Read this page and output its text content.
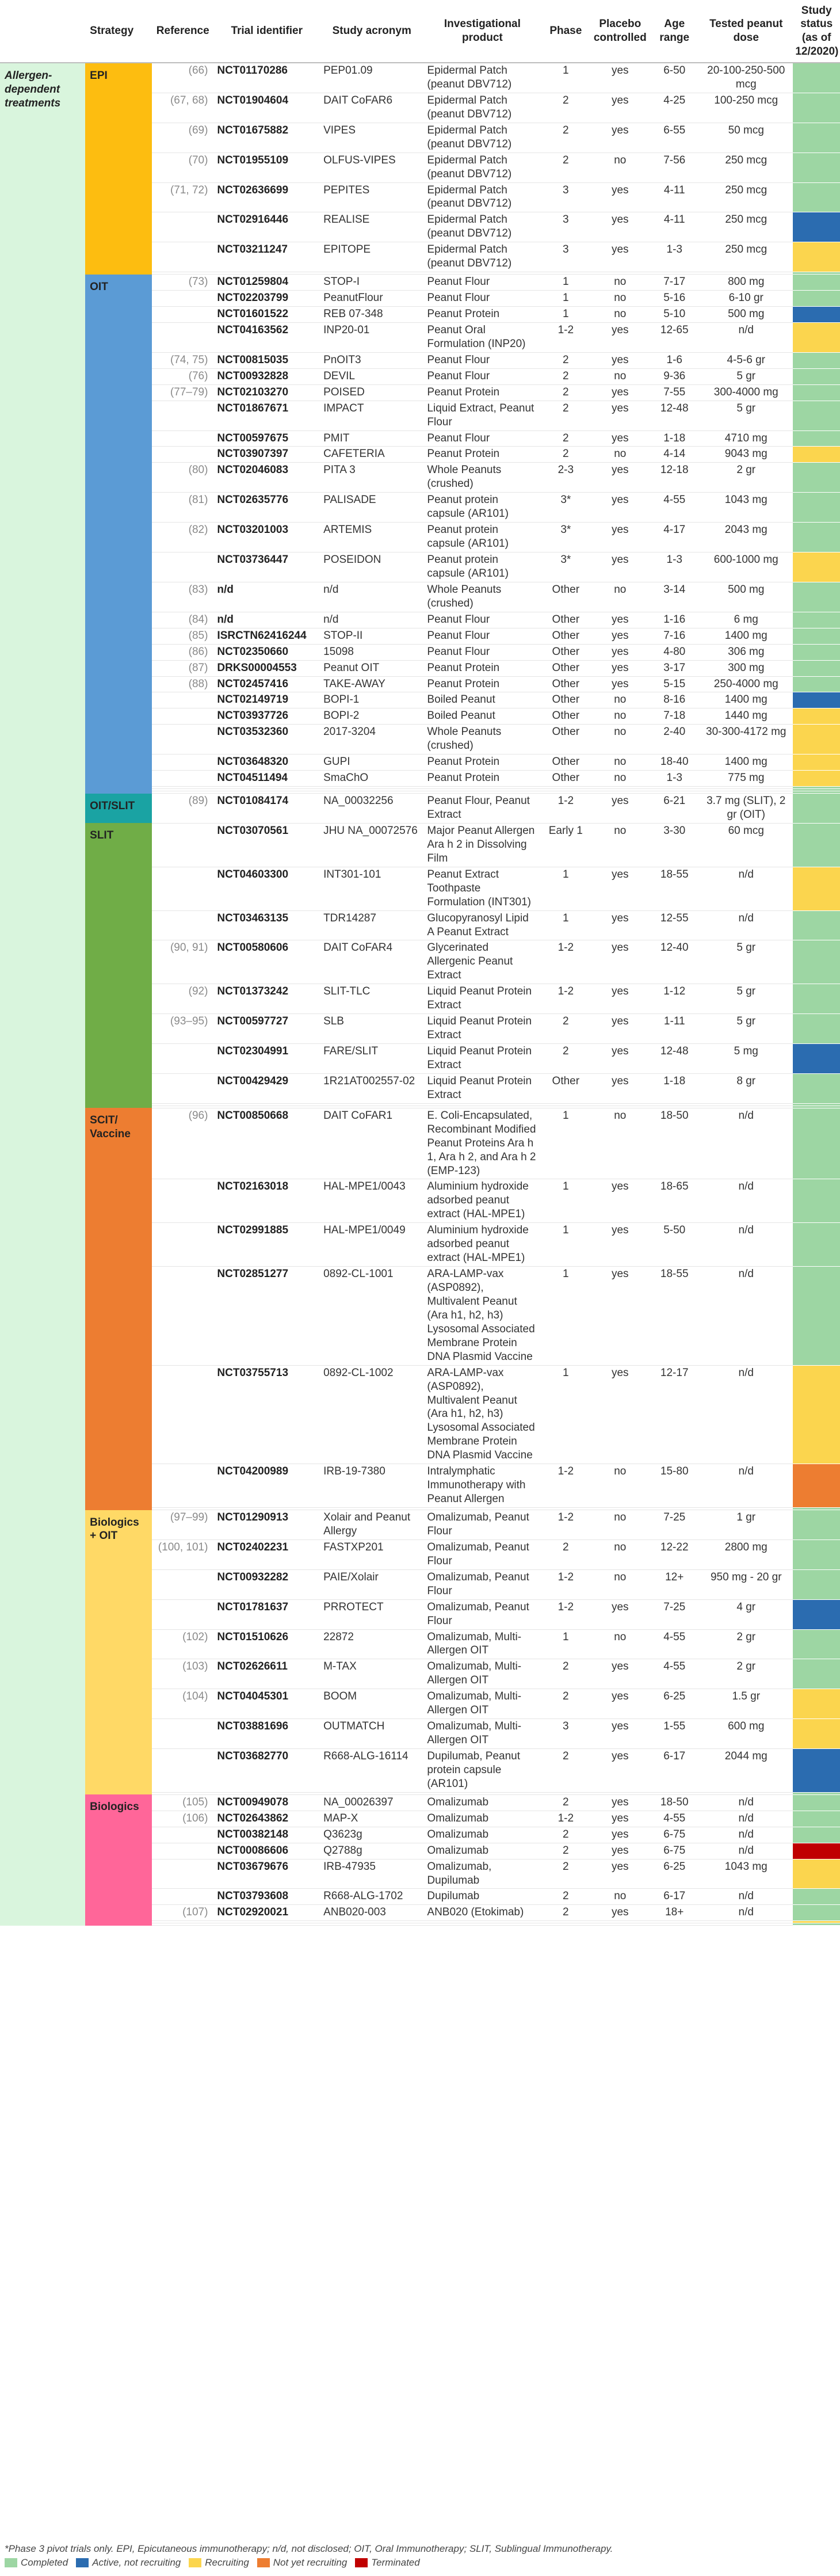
	Strategy	Reference	Trial identifier	Study acronym	Investigational product	Phase	Placebo controlled	Age range	Tested peanut dose	Study status (as of 12/2020)
Allergen-dependent treatments	EPI	(66)	NCT01170286	PEP01.09	Epidermal Patch (peanut DBV712)	1	yes	6-50	20-100-250-500 mcg	
		(67, 68)	NCT01904604	DAIT CoFAR6	Epidermal Patch (peanut DBV712)	2	yes	4-25	100-250 mcg	
		(69)	NCT01675882	VIPES	Epidermal Patch (peanut DBV712)	2	yes	6-55	50 mcg	
		(70)	NCT01955109	OLFUS-VIPES	Epidermal Patch (peanut DBV712)	2	no	7-56	250 mcg	
		(71, 72)	NCT02636699	PEPITES	Epidermal Patch (peanut DBV712)	3	yes	4-11	250 mcg	
			NCT02916446	REALISE	Epidermal Patch (peanut DBV712)	3	yes	4-11	250 mcg	
			NCT03211247	EPITOPE	Epidermal Patch (peanut DBV712)	3	yes	1-3	250 mcg	

	OIT	(73)	NCT01259804	STOP-I	Peanut Flour	1	no	7-17	800 mg	
			NCT02203799	PeanutFlour	Peanut Flour	1	no	5-16	6-10 gr	
			NCT01601522	REB 07-348	Peanut Protein	1	no	5-10	500 mg	
			NCT04163562	INP20-01	Peanut Oral Formulation (INP20)	1-2	yes	12-65	n/d	
		(74, 75)	NCT00815035	PnOIT3	Peanut Flour	2	yes	1-6	4-5-6 gr	
		(76)	NCT00932828	DEVIL	Peanut Flour	2	no	9-36	5 gr	
		(77–79)	NCT02103270	POISED	Peanut Protein	2	yes	7-55	300-4000 mg	
			NCT01867671	IMPACT	Liquid Extract, Peanut Flour	2	yes	12-48	5 gr	
			NCT00597675	PMIT	Peanut Flour	2	yes	1-18	4710 mg	
			NCT03907397	CAFETERIA	Peanut Protein	2	no	4-14	9043 mg	
		(80)	NCT02046083	PITA 3	Whole Peanuts (crushed)	2-3	yes	12-18	2 gr	
		(81)	NCT02635776	PALISADE	Peanut protein capsule (AR101)	3*	yes	4-55	1043 mg	
		(82)	NCT03201003	ARTEMIS	Peanut protein capsule (AR101)	3*	yes	4-17	2043 mg	
			NCT03736447	POSEIDON	Peanut protein capsule (AR101)	3*	yes	1-3	600-1000 mg	
		(83)	n/d	n/d	Whole Peanuts (crushed)	Other	no	3-14	500 mg	
		(84)	n/d	n/d	Peanut Flour	Other	yes	1-16	6 mg	
		(85)	ISRCTN62416244	STOP-II	Peanut Flour	Other	yes	7-16	1400 mg	
		(86)	NCT02350660	15098	Peanut Flour	Other	yes	4-80	306 mg	
		(87)	DRKS00004553	Peanut OIT	Peanut Protein	Other	yes	3-17	300 mg	
		(88)	NCT02457416	TAKE-AWAY	Peanut Protein	Other	yes	5-15	250-4000 mg	
			NCT02149719	BOPI-1	Boiled Peanut	Other	no	8-16	1400 mg	
			NCT03937726	BOPI-2	Boiled Peanut	Other	no	7-18	1440 mg	
			NCT03532360	2017-3204	Whole Peanuts (crushed)	Other	no	2-40	30-300-4172 mg	
			NCT03648320	GUPI	Peanut Protein	Other	no	18-40	1400 mg	
			NCT04511494	SmaChO	Peanut Protein	Other	no	1-3	775 mg	

	OIT/SLIT	(89)	NCT01084174	NA_00032256	Peanut Flour, Peanut Extract	1-2	yes	6-21	3.7 mg (SLIT), 2 gr (OIT)	
	SLIT		NCT03070561	JHU NA_00072576	Major Peanut Allergen Ara h 2 in Dissolving Film	Early 1	no	3-30	60 mcg	
			NCT04603300	INT301-101	Peanut Extract Toothpaste Formulation (INT301)	1	yes	18-55	n/d	
			NCT03463135	TDR14287	Glucopyranosyl Lipid A Peanut Extract	1	yes	12-55	n/d	
		(90, 91)	NCT00580606	DAIT CoFAR4	Glycerinated Allergenic Peanut Extract	1-2	yes	12-40	5 gr	
		(92)	NCT01373242	SLIT-TLC	Liquid Peanut Protein Extract	1-2	yes	1-12	5 gr	
		(93–95)	NCT00597727	SLB	Liquid Peanut Protein Extract	2	yes	1-11	5 gr	
			NCT02304991	FARE/SLIT	Liquid Peanut Protein Extract	2	yes	12-48	5 mg	
			NCT00429429	1R21AT002557-02	Liquid Peanut Protein Extract	Other	yes	1-18	8 gr	

	SCIT/ Vaccine	(96)	NCT00850668	DAIT CoFAR1	E. Coli-Encapsulated, Recombinant Modified Peanut Proteins Ara h 1, Ara h 2, and Ara h 2 (EMP-123)	1	no	18-50	n/d	
			NCT02163018	HAL-MPE1/0043	Aluminium hydroxide adsorbed peanut extract (HAL-MPE1)	1	yes	18-65	n/d	
			NCT02991885	HAL-MPE1/0049	Aluminium hydroxide adsorbed peanut extract (HAL-MPE1)	1	yes	5-50	n/d	
			NCT02851277	0892-CL-1001	ARA-LAMP-vax (ASP0892), Multivalent Peanut (Ara h1, h2, h3) Lysosomal Associated Membrane Protein DNA Plasmid Vaccine	1	yes	18-55	n/d	
			NCT03755713	0892-CL-1002	ARA-LAMP-vax (ASP0892), Multivalent Peanut (Ara h1, h2, h3) Lysosomal Associated Membrane Protein DNA Plasmid Vaccine	1	yes	12-17	n/d	
			NCT04200989	IRB-19-7380	Intralymphatic Immunotherapy with Peanut Allergen	1-2	no	15-80	n/d	

	Biologics + OIT	(97–99)	NCT01290913	Xolair and Peanut Allergy	Omalizumab, Peanut Flour	1-2	no	7-25	1 gr	
		(100, 101)	NCT02402231	FASTXP201	Omalizumab, Peanut Flour	2	no	12-22	2800 mg	
			NCT00932282	PAIE/Xolair	Omalizumab, Peanut Flour	1-2	no	12+	950 mg - 20 gr	
			NCT01781637	PRROTECT	Omalizumab, Peanut Flour	1-2	yes	7-25	4 gr	
		(102)	NCT01510626	22872	Omalizumab, Multi-Allergen OIT	1	no	4-55	2 gr	
		(103)	NCT02626611	M-TAX	Omalizumab, Multi-Allergen OIT	2	yes	4-55	2 gr	
		(104)	NCT04045301	BOOM	Omalizumab, Multi-Allergen OIT	2	yes	6-25	1.5 gr	
			NCT03881696	OUTMATCH	Omalizumab, Multi-Allergen OIT	3	yes	1-55	600 mg	
			NCT03682770	R668-ALG-16114	Dupilumab, Peanut protein capsule (AR101)	2	yes	6-17	2044 mg	

	Biologics	(105)	NCT00949078	NA_00026397	Omalizumab	2	yes	18-50	n/d	
		(106)	NCT02643862	MAP-X	Omalizumab	1-2	yes	4-55	n/d	
			NCT00382148	Q3623g	Omalizumab	2	yes	6-75	n/d	
			NCT00086606	Q2788g	Omalizumab	2	yes	6-75	n/d	
			NCT03679676	IRB-47935	Omalizumab, Dupilumab	2	yes	6-25	1043 mg	
			NCT03793608	R668-ALG-1702	Dupilumab	2	no	6-17	n/d	
		(107)	NCT02920021	ANB020-003	ANB020 (Etokimab)	2	yes	18+	n/d	

*Phase 3 pivot trials only. EPI, Epicutaneous immunotherapy; n/d, not disclosed; OIT, Oral Immunotherapy; SLIT, Sublingual Immunotherapy.
Completed Active, not recruiting Recruiting Not yet recruiting Terminated
